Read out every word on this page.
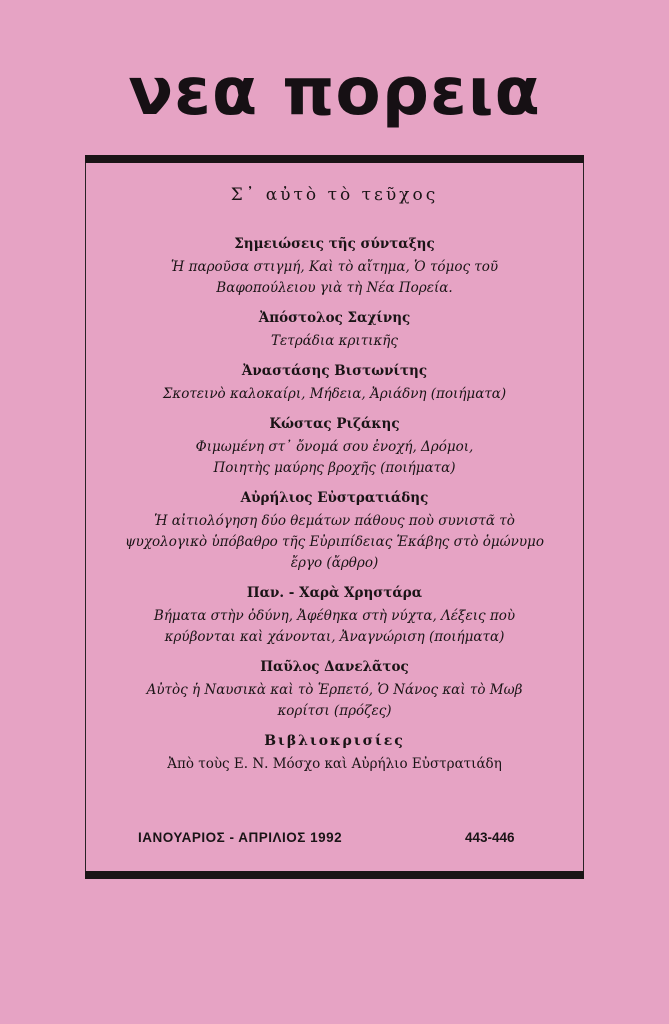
νεα πορεια
Σ᾽ αὐτὸ τὸ τεῦχος
Σημειώσεις τῆς σύνταξης
Ἡ παροῦσα στιγμή, Καὶ τὸ αἴτημα, Ὁ τόμος τοῦ
Βαφοπούλειου γιὰ τὴ Νέα Πορεία.
Ἀπόστολος Σαχίνης
Τετράδια κριτικῆς
Ἀναστάσης Βιστωνίτης
Σκοτεινὸ καλοκαίρι, Μήδεια, Ἀριάδνη (ποιήματα)
Κώστας Ριζάκης
Φιμωμένη στ᾽ ὄνομά σου ἐνοχή, Δρόμοι,
Ποιητὴς μαύρης βροχῆς (ποιήματα)
Αὐρήλιος Εὐστρατιάδης
Ἡ αἰτιολόγηση δύο θεμάτων πάθους ποὺ συνιστᾶ τὸ
ψυχολογικὸ ὑπόβαθρο τῆς Εὐριπίδειας Ἑκάβης στὸ ὁμώνυμο
ἔργο (ἄρθρο)
Παν. - Χαρὰ Χρηστάρα
Βήματα στὴν ὀδύνη, Ἀφέθηκα στὴ νύχτα, Λέξεις ποὺ
κρύβονται καὶ χάνονται, Ἀναγνώριση (ποιήματα)
Παῦλος Δανελᾶτος
Αὐτὸς ἡ Ναυσικὰ καὶ τὸ Ἑρπετό, Ὁ Νάνος καὶ τὸ Μωβ
κορίτσι (πρόζες)
Βιβλιοκρισίες
Ἀπὸ τοὺς Ε. Ν. Μόσχο καὶ Αὐρήλιο Εὐστρατιάδη
ΙΑΝΟΥΑΡΙΟΣ - ΑΠΡΙΛΙΟΣ 1992	443-446
